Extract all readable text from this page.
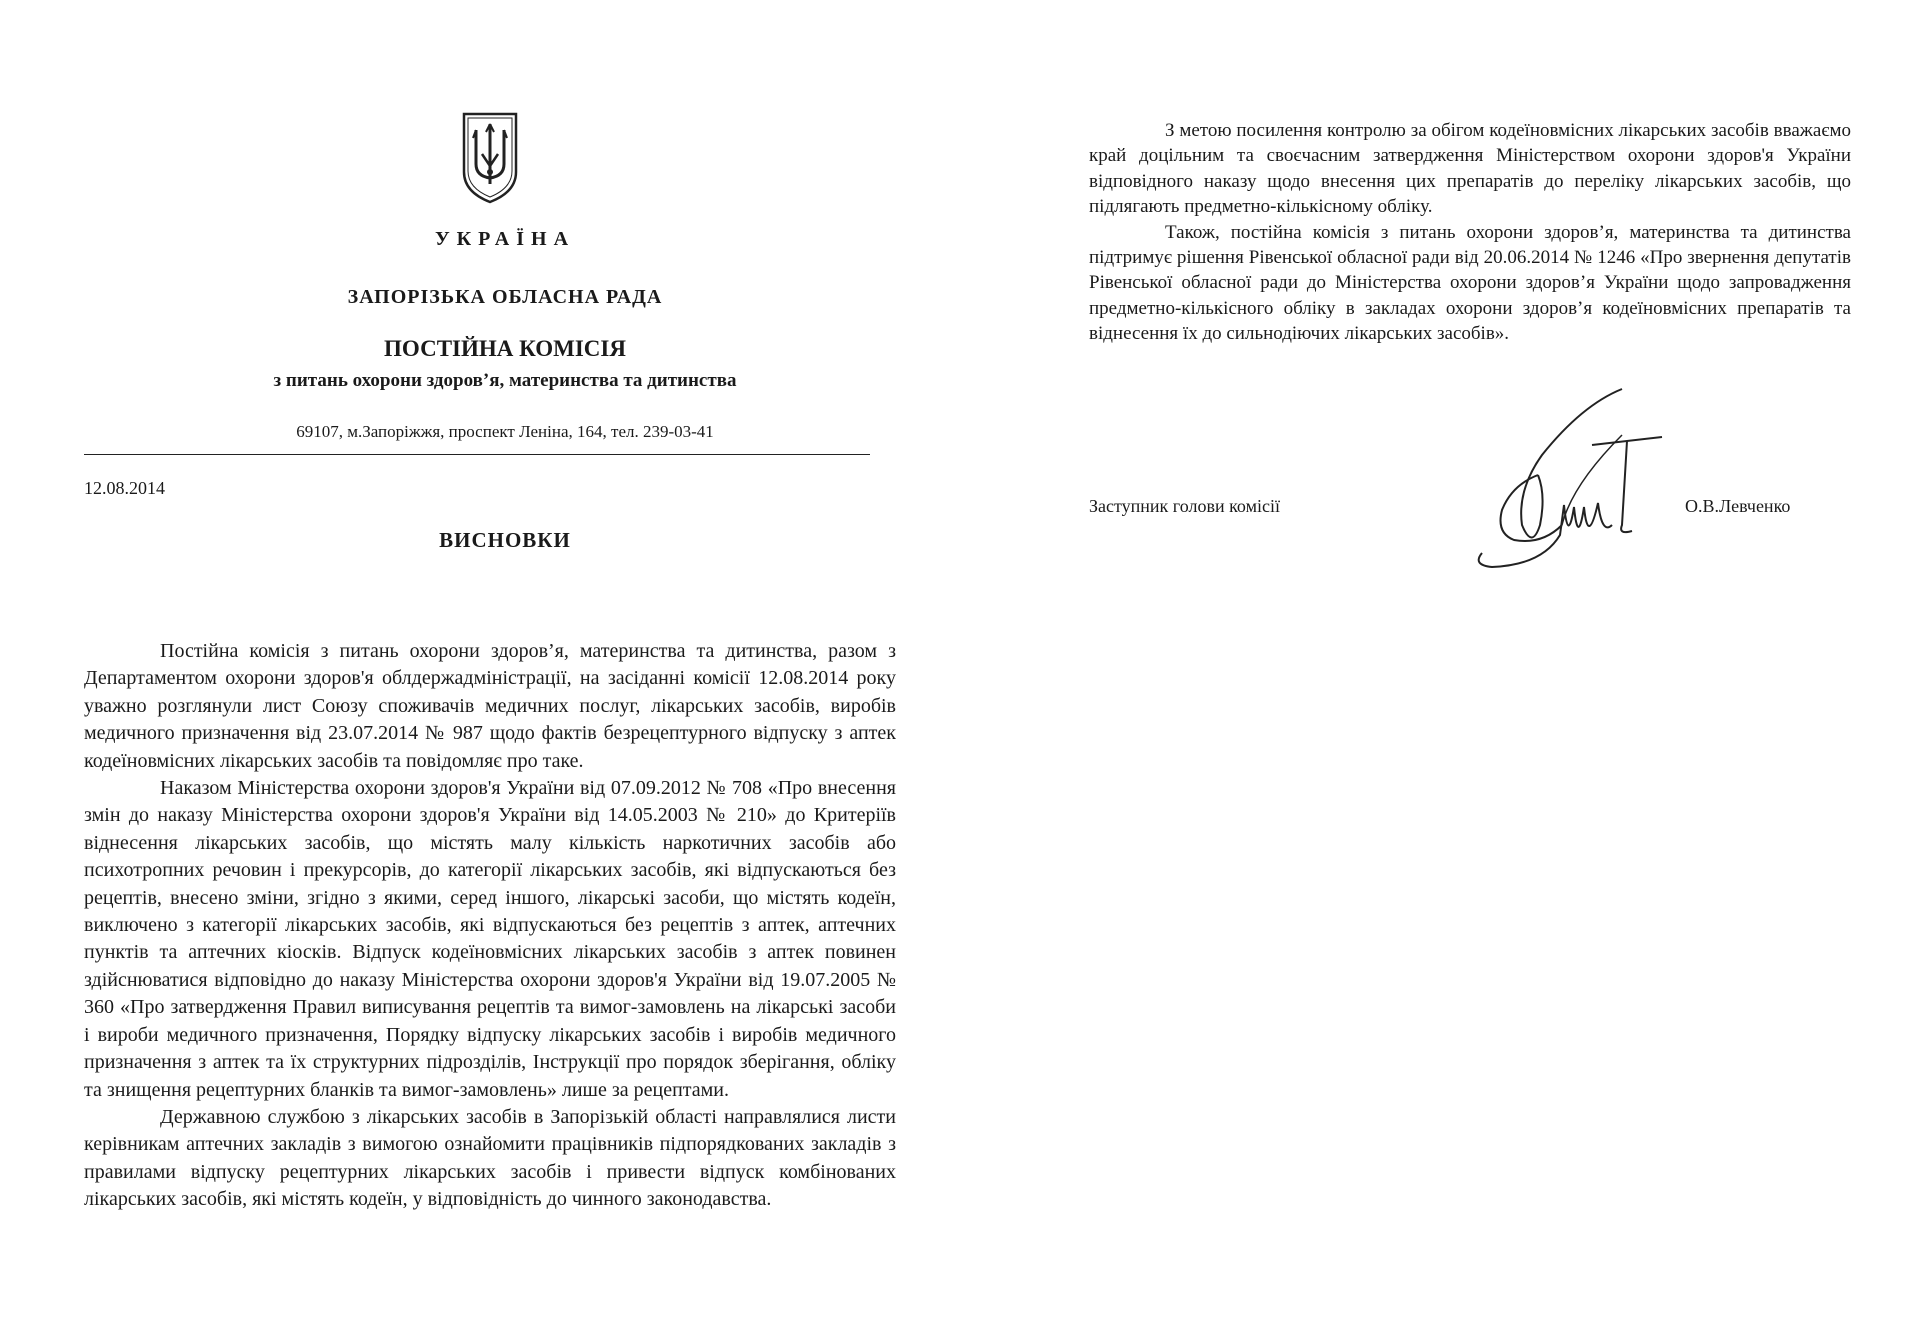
УКРАЇНА
ЗАПОРІЗЬКА ОБЛАСНА РАДА
ПОСТІЙНА КОМІСІЯ
з питань охорони здоров’я, материнства та дитинства
69107, м.Запоріжжя, проспект Леніна, 164, тел. 239-03-41
12.08.2014
ВИСНОВКИ

Постійна комісія з питань охорони здоров’я, материнства та дитинства, разом з Департаментом охорони здоров'я облдержадміністрації, на засіданні комісії 12.08.2014 року уважно розглянули лист Союзу споживачів медичних послуг, лікарських засобів, виробів медичного призначення від 23.07.2014 № 987 щодо фактів безрецептурного відпуску з аптек кодеїновмісних лікарських засобів та повідомляє про таке.

Наказом Міністерства охорони здоров'я України від 07.09.2012 № 708 «Про внесення змін до наказу Міністерства охорони здоров'я України від 14.05.2003 № 210» до Критеріїв віднесення лікарських засобів, що містять малу кількість наркотичних засобів або психотропних речовин і прекурсорів, до категорії лікарських засобів, які відпускаються без рецептів, внесено зміни, згідно з якими, серед іншого, лікарські засоби, що містять кодеїн, виключено з категорії лікарських засобів, які відпускаються без рецептів з аптек, аптечних пунктів та аптечних кіосків. Відпуск кодеїновмісних лікарських засобів з аптек повинен здійснюватися відповідно до наказу Міністерства охорони здоров'я України від 19.07.2005 № 360 «Про затвердження Правил виписування рецептів та вимог-замовлень на лікарські засоби і вироби медичного призначення, Порядку відпуску лікарських засобів і виробів медичного призначення з аптек та їх структурних підрозділів, Інструкції про порядок зберігання, обліку та знищення рецептурних бланків та вимог-замовлень» лише за рецептами.

Державною службою з лікарських засобів в Запорізькій області направлялися листи керівникам аптечних закладів з вимогою ознайомити працівників підпорядкованих закладів з правилами відпуску рецептурних лікарських засобів і привести відпуск комбінованих лікарських засобів, які містять кодеїн, у відповідність до чинного законодавства.

З метою посилення контролю за обігом кодеїновмісних лікарських засобів вважаємо край доцільним та своєчасним затвердження Міністерством охорони здоров'я України відповідного наказу щодо внесення цих препаратів до переліку лікарських засобів, що підлягають предметно-кількісному обліку.

Також, постійна комісія з питань охорони здоров’я, материнства та дитинства підтримує рішення Рівенської обласної ради від 20.06.2014 № 1246 «Про звернення депутатів Рівенської обласної ради до Міністерства охорони здоров’я України щодо запровадження предметно-кількісного обліку в закладах охорони здоров’я кодеїновмісних препаратів та віднесення їх до сильнодіючих лікарських засобів».

Заступник голови комісії	О.В.Левченко
